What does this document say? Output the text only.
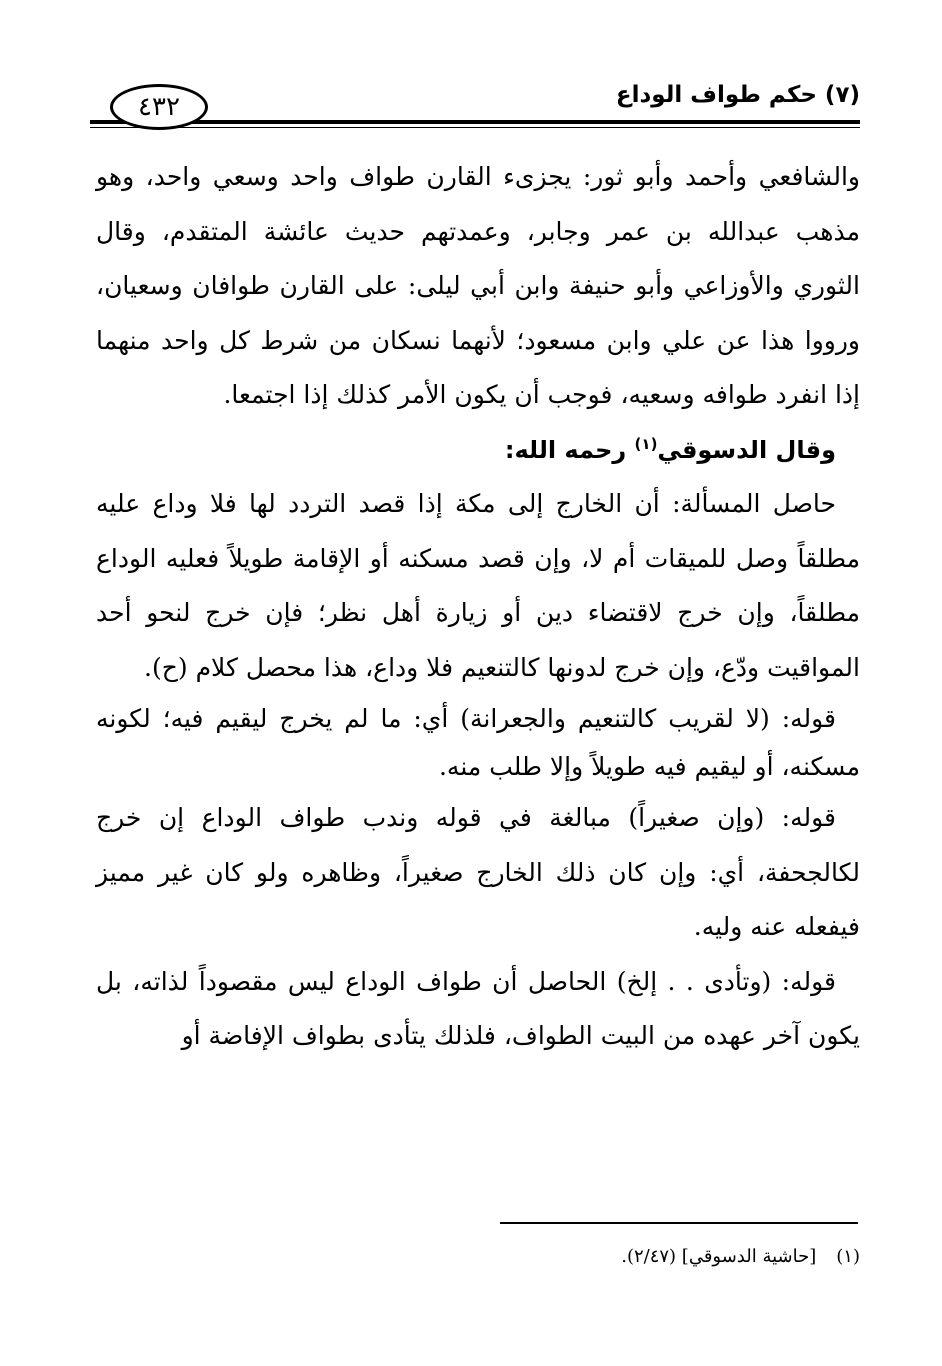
٤٣٢	(٧) حكم طواف الوداع

والشافعي وأحمد وأبو ثور: يجزىء القارن طواف واحد وسعي واحد، وهو مذهب عبدالله بن عمر وجابر، وعمدتهم حديث عائشة المتقدم، وقال الثوري والأوزاعي وأبو حنيفة وابن أبي ليلى: على القارن طوافان وسعيان، ورووا هذا عن علي وابن مسعود؛ لأنهما نسكان من شرط كل واحد منهما إذا انفرد طوافه وسعيه، فوجب أن يكون الأمر كذلك إذا اجتمعا.

وقال الدسوقي$^{(١)}$ رحمه الله:

حاصل المسألة: أن الخارج إلى مكة إذا قصد التردد لها فلا وداع عليه مطلقاً وصل للميقات أم لا، وإن قصد مسكنه أو الإقامة طويلاً فعليه الوداع مطلقاً، وإن خرج لاقتضاء دين أو زيارة أهل نظر؛ فإن خرج لنحو أحد المواقيت ودّع، وإن خرج لدونها كالتنعيم فلا وداع، هذا محصل كلام (ح).

قوله: (لا لقريب كالتنعيم والجعرانة) أي: ما لم يخرج ليقيم فيه؛ لكونه مسكنه، أو ليقيم فيه طويلاً وإلا طلب منه.

قوله: (وإن صغيراً) مبالغة في قوله وندب طواف الوداع إن خرج لكالجحفة، أي: وإن كان ذلك الخارج صغيراً، وظاهره ولو كان غير مميز فيفعله عنه وليه.

قوله: (وتأدى . . إلخ) الحاصل أن طواف الوداع ليس مقصوداً لذاته، بل يكون آخر عهده من البيت الطواف، فلذلك يتأدى بطواف الإفاضة أو

(١)[حاشية الدسوقي] (٢/٤٧).
